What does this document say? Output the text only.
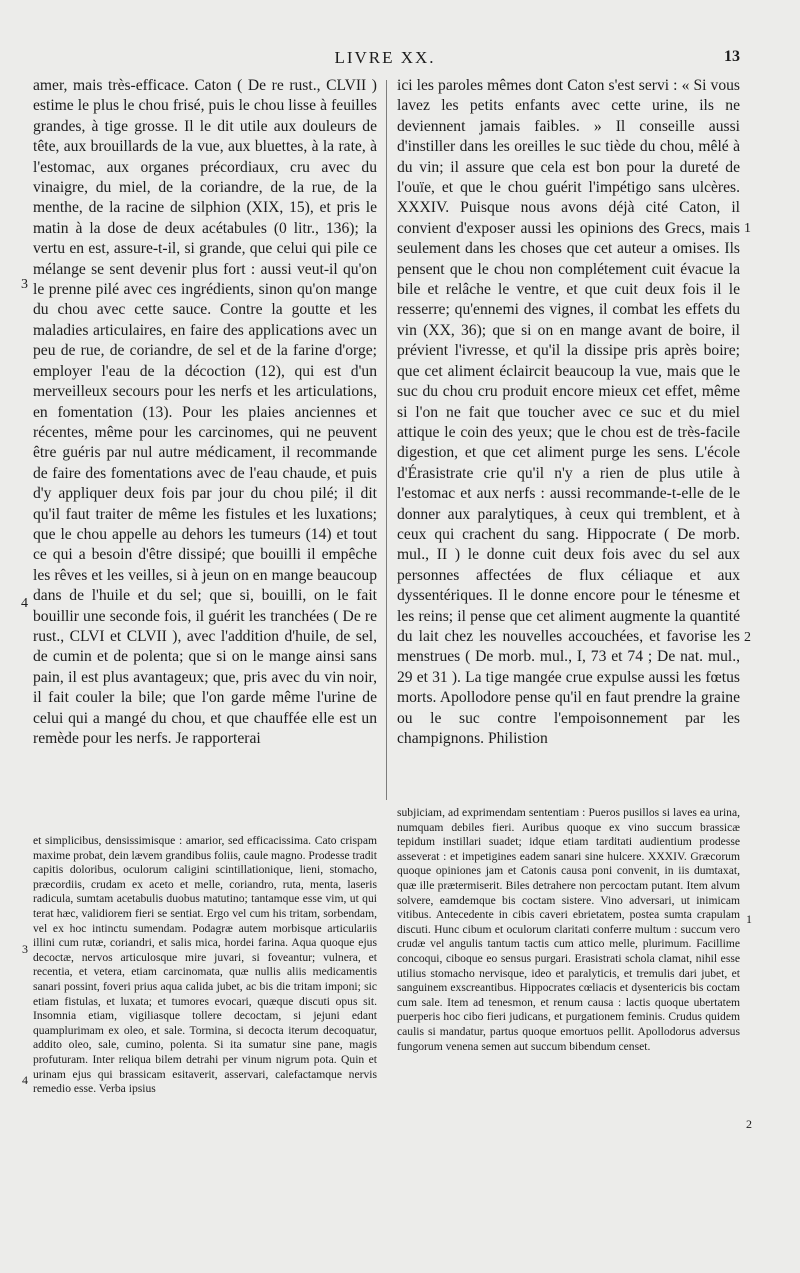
LIVRE XX.	13

amer, mais très-efficace. Caton ( De re rust., CLVII ) estime le plus le chou frisé, puis le chou lisse à feuilles grandes, à tige grosse. Il le dit utile aux douleurs de tête, aux brouillards de la vue, aux bluettes, à la rate, à l'estomac, aux organes précordiaux, cru avec du vinaigre, du miel, de la coriandre, de la rue, de la menthe, de la racine de silphion (XIX, 15), et pris le matin à la dose de deux acétabules (0 litr., 136); la vertu en est, assure-t-il, si grande, que celui qui pile ce mélange se sent devenir plus fort : aussi veut-il qu'on le prenne pilé avec ces ingrédients, sinon qu'on mange du chou avec cette sauce. Contre la goutte et les maladies articulaires, en faire des applications avec un peu de rue, de coriandre, de sel et de la farine d'orge; employer l'eau de la décoction (12), qui est d'un merveilleux secours pour les nerfs et les articulations, en fomentation (13). Pour les plaies anciennes et récentes, même pour les carcinomes, qui ne peuvent être guéris par nul autre médicament, il recommande de faire des fomentations avec de l'eau chaude, et puis d'y appliquer deux fois par jour du chou pilé; il dit qu'il faut traiter de même les fistules et les luxations; que le chou appelle au dehors les tumeurs (14) et tout ce qui a besoin d'être dissipé; que bouilli il empêche les rêves et les veilles, si à jeun on en mange beaucoup dans de l'huile et du sel; que si, bouilli, on le fait bouillir une seconde fois, il guérit les tranchées ( De re rust., CLVI et CLVII ), avec l'addition d'huile, de sel, de cumin et de polenta; que si on le mange ainsi sans pain, il est plus avantageux; que, pris avec du vin noir, il fait couler la bile; que l'on garde même l'urine de celui qui a mangé du chou, et que chauffée elle est un remède pour les nerfs. Je rapporterai

ici les paroles mêmes dont Caton s'est servi : « Si vous lavez les petits enfants avec cette urine, ils ne deviennent jamais faibles. » Il conseille aussi d'instiller dans les oreilles le suc tiède du chou, mêlé à du vin; il assure que cela est bon pour la dureté de l'ouïe, et que le chou guérit l'impétigo sans ulcères. XXXIV. Puisque nous avons déjà cité Caton, il convient d'exposer aussi les opinions des Grecs, mais seulement dans les choses que cet auteur a omises. Ils pensent que le chou non complétement cuit évacue la bile et relâche le ventre, et que cuit deux fois il le resserre; qu'ennemi des vignes, il combat les effets du vin (XX, 36); que si on en mange avant de boire, il prévient l'ivresse, et qu'il la dissipe pris après boire; que cet aliment éclaircit beaucoup la vue, mais que le suc du chou cru produit encore mieux cet effet, même si l'on ne fait que toucher avec ce suc et du miel attique le coin des yeux; que le chou est de très-facile digestion, et que cet aliment purge les sens. L'école d'Érasistrate crie qu'il n'y a rien de plus utile à l'estomac et aux nerfs : aussi recommande-t-elle de le donner aux paralytiques, à ceux qui tremblent, et à ceux qui crachent du sang. Hippocrate ( De morb. mul., II ) le donne cuit deux fois avec du sel aux personnes affectées de flux céliaque et aux dyssentériques. Il le donne encore pour le ténesme et les reins; il pense que cet aliment augmente la quantité du lait chez les nouvelles accouchées, et favorise les menstrues ( De morb. mul., I, 73 et 74 ; De nat. mul., 29 et 31 ). La tige mangée crue expulse aussi les fœtus morts. Apollodore pense qu'il en faut prendre la graine ou le suc contre l'empoisonnement par les champignons. Philistion

et simplicibus, densissimisque : amarior, sed efficacissima. Cato crispam maxime probat, dein lævem grandibus foliis, caule magno. Prodesse tradit capitis doloribus, oculorum caligini scintillationique, lieni, stomacho, præcordiis, crudam ex aceto et melle, coriandro, ruta, menta, laseris radicula, sumtam acetabulis duobus matutino; tantamque esse vim, ut qui terat hæc, validiorem fieri se sentiat. Ergo vel cum his tritam, sorbendam, vel ex hoc intinctu sumendam. Podagræ autem morbisque articulariis illini cum rutæ, coriandri, et salis mica, hordei farina. Aqua quoque ejus decoctæ, nervos articulosque mire juvari, si foveantur; vulnera, et recentia, et vetera, etiam carcinomata, quæ nullis aliis medicamentis sanari possint, foveri prius aqua calida jubet, ac bis die tritam imponi; sic etiam fistulas, et luxata; et tumores evocari, quæque discuti opus sit. Insomnia etiam, vigiliasque tollere decoctam, si jejuni edant quamplurimam ex oleo, et sale. Tormina, si decocta iterum decoquatur, addito oleo, sale, cumino, polenta. Si ita sumatur sine pane, magis profuturam. Inter reliqua bilem detrahi per vinum nigrum pota. Quin et urinam ejus qui brassicam esitaverit, asservari, calefactamque nervis remedio esse. Verba ipsius

subjiciam, ad exprimendam sententiam : Pueros pusillos si laves ea urina, numquam debiles fieri. Auribus quoque ex vino succum brassicæ tepidum instillari suadet; idque etiam tarditati audientium prodesse asseverat : et impetigines eadem sanari sine hulcere. XXXIV. Græcorum quoque opiniones jam et Catonis causa poni convenit, in iis dumtaxat, quæ ille prætermiserit. Biles detrahere non percoctam putant. Item alvum solvere, eamdemque bis coctam sistere. Vino adversari, ut inimicam vitibus. Antecedente in cibis caveri ebrietatem, postea sumta crapulam discuti. Hunc cibum et oculorum claritati conferre multum : succum vero crudæ vel angulis tantum tactis cum attico melle, plurimum. Facillime concoqui, ciboque eo sensus purgari. Erasistrati schola clamat, nihil esse utilius stomacho nervisque, ideo et paralyticis, et tremulis dari jubet, et sanguinem exscreantibus. Hippocrates cœliacis et dysentericis bis coctam cum sale. Item ad tenesmon, et renum causa : lactis quoque ubertatem puerperis hoc cibo fieri judicans, et purgationem feminis. Crudus quidem caulis si mandatur, partus quoque emortuos pellit. Apollodorus adversus fungorum venena semen aut succum bibendum censet.

3
4
1
2
3
4
1
2
